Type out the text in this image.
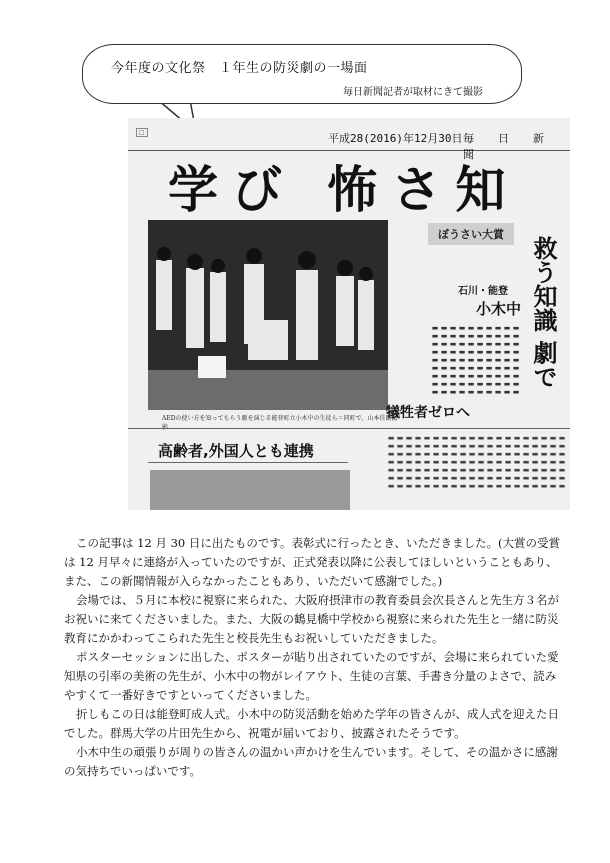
今年度の文化祭　１年生の防災劇の一場面
毎日新聞記者が取材にきて撮影
□	平成28(2016)年12月30日 毎日新聞
学び 怖さ知
AEDの使い方を知ってもらう劇を演じる能登町立小木中の生徒ら＝同町で、山本佳朗撮
ぼうさい大賞
石川・能登
小木中
▬▬▬▬▬▬▬▬▬ ▬▬▬▬▬▬▬▬▬ ▬▬▬▬▬▬▬▬▬ ▬▬▬▬▬▬▬▬▬ ▬▬▬▬▬▬▬▬▬ ▬▬▬▬▬▬▬▬▬ ▬▬▬▬▬▬▬▬▬ ▬▬▬▬▬▬▬▬▬ ▬▬▬▬▬▬▬▬▬ ▬▬▬▬▬▬▬▬▬	救う知識 劇で
犠牲者ゼロへ
高齢者,外国人とも連携	▬▬▬▬▬▬▬ ▬▬▬▬▬▬▬ ▬▬▬▬▬▬▬ ▬▬▬▬▬▬▬ ▬▬▬▬▬▬▬ ▬▬▬▬▬▬▬ ▬▬▬▬▬▬▬ ▬▬▬▬▬▬▬ ▬▬▬▬▬▬▬ ▬▬▬▬▬▬▬ ▬▬▬▬▬▬▬ ▬▬▬▬▬▬▬ ▬▬▬▬▬▬▬ ▬▬▬▬▬▬▬ ▬▬▬▬▬▬▬ ▬▬▬▬▬▬▬ ▬▬▬▬▬▬▬ ▬▬▬▬▬▬▬ ▬▬▬▬▬▬▬ ▬▬▬▬▬▬▬

この記事は 12 月 30 日に出たものです。表彰式に行ったとき、いただきました。(大賞の受賞は 12 月早々に連絡が入っていたのですが、正式発表以降に公表してほしいということもあり、また、この新聞情報が入らなかったこともあり、いただいて感謝でした。)

会場では、５月に本校に視察に来られた、大阪府摂津市の教育委員会次長さんと先生方３名がお祝いに来てくださいました。また、大阪の鶴見橋中学校から視察に来られた先生と一緒に防災教育にかかわってこられた先生と校長先生もお祝いしていただきました。

ポスターセッションに出した、ポスターが貼り出されていたのですが、会場に来られていた愛知県の引率の美術の先生が、小木中の物がレイアウト、生徒の言葉、手書き分量のよさで、読みやすくて一番好きですといってくださいました。

折しもこの日は能登町成人式。小木中の防災活動を始めた学年の皆さんが、成人式を迎えた日でした。群馬大学の片田先生から、祝電が届いており、披露されたそうです。

小木中生の頑張りが周りの皆さんの温かい声かけを生んでいます。そして、その温かさに感謝の気持ちでいっぱいです。
